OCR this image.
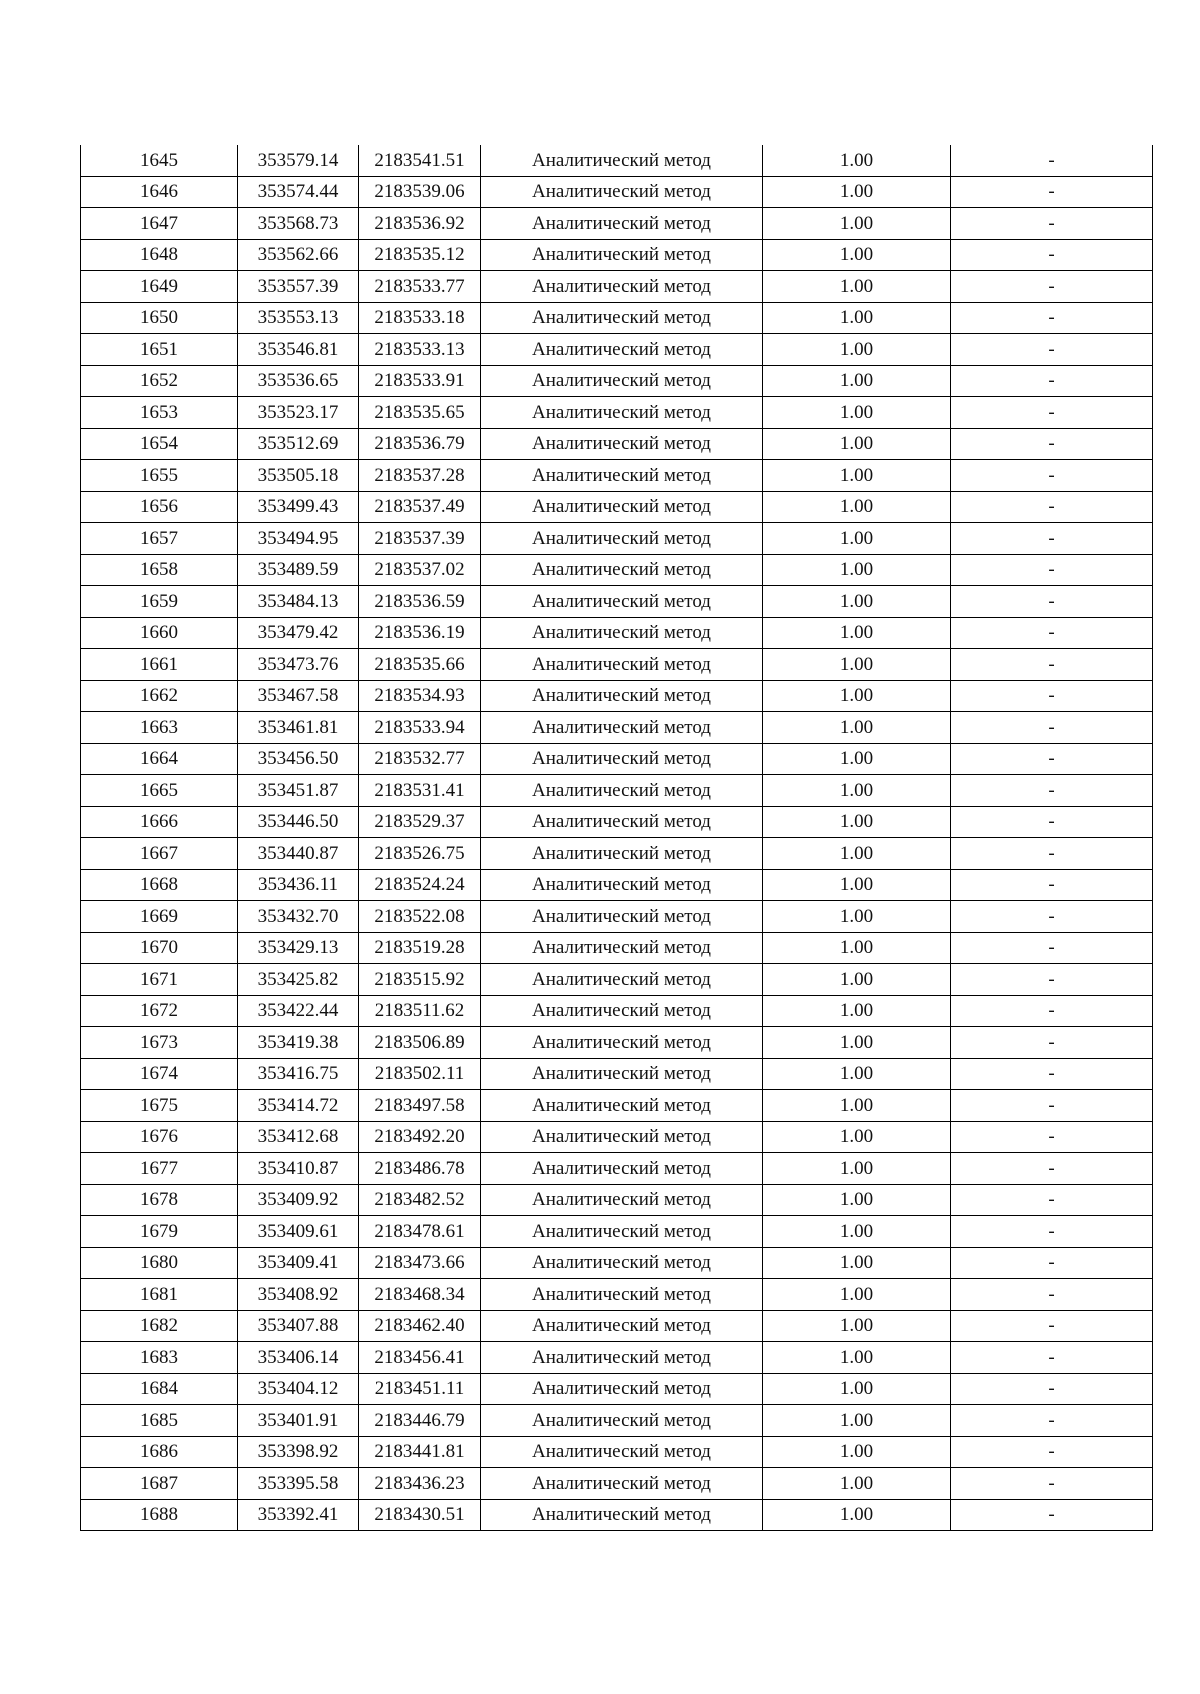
1645	353579.14	2183541.51	Аналитический метод	1.00	-
1646	353574.44	2183539.06	Аналитический метод	1.00	-
1647	353568.73	2183536.92	Аналитический метод	1.00	-
1648	353562.66	2183535.12	Аналитический метод	1.00	-
1649	353557.39	2183533.77	Аналитический метод	1.00	-
1650	353553.13	2183533.18	Аналитический метод	1.00	-
1651	353546.81	2183533.13	Аналитический метод	1.00	-
1652	353536.65	2183533.91	Аналитический метод	1.00	-
1653	353523.17	2183535.65	Аналитический метод	1.00	-
1654	353512.69	2183536.79	Аналитический метод	1.00	-
1655	353505.18	2183537.28	Аналитический метод	1.00	-
1656	353499.43	2183537.49	Аналитический метод	1.00	-
1657	353494.95	2183537.39	Аналитический метод	1.00	-
1658	353489.59	2183537.02	Аналитический метод	1.00	-
1659	353484.13	2183536.59	Аналитический метод	1.00	-
1660	353479.42	2183536.19	Аналитический метод	1.00	-
1661	353473.76	2183535.66	Аналитический метод	1.00	-
1662	353467.58	2183534.93	Аналитический метод	1.00	-
1663	353461.81	2183533.94	Аналитический метод	1.00	-
1664	353456.50	2183532.77	Аналитический метод	1.00	-
1665	353451.87	2183531.41	Аналитический метод	1.00	-
1666	353446.50	2183529.37	Аналитический метод	1.00	-
1667	353440.87	2183526.75	Аналитический метод	1.00	-
1668	353436.11	2183524.24	Аналитический метод	1.00	-
1669	353432.70	2183522.08	Аналитический метод	1.00	-
1670	353429.13	2183519.28	Аналитический метод	1.00	-
1671	353425.82	2183515.92	Аналитический метод	1.00	-
1672	353422.44	2183511.62	Аналитический метод	1.00	-
1673	353419.38	2183506.89	Аналитический метод	1.00	-
1674	353416.75	2183502.11	Аналитический метод	1.00	-
1675	353414.72	2183497.58	Аналитический метод	1.00	-
1676	353412.68	2183492.20	Аналитический метод	1.00	-
1677	353410.87	2183486.78	Аналитический метод	1.00	-
1678	353409.92	2183482.52	Аналитический метод	1.00	-
1679	353409.61	2183478.61	Аналитический метод	1.00	-
1680	353409.41	2183473.66	Аналитический метод	1.00	-
1681	353408.92	2183468.34	Аналитический метод	1.00	-
1682	353407.88	2183462.40	Аналитический метод	1.00	-
1683	353406.14	2183456.41	Аналитический метод	1.00	-
1684	353404.12	2183451.11	Аналитический метод	1.00	-
1685	353401.91	2183446.79	Аналитический метод	1.00	-
1686	353398.92	2183441.81	Аналитический метод	1.00	-
1687	353395.58	2183436.23	Аналитический метод	1.00	-
1688	353392.41	2183430.51	Аналитический метод	1.00	-
